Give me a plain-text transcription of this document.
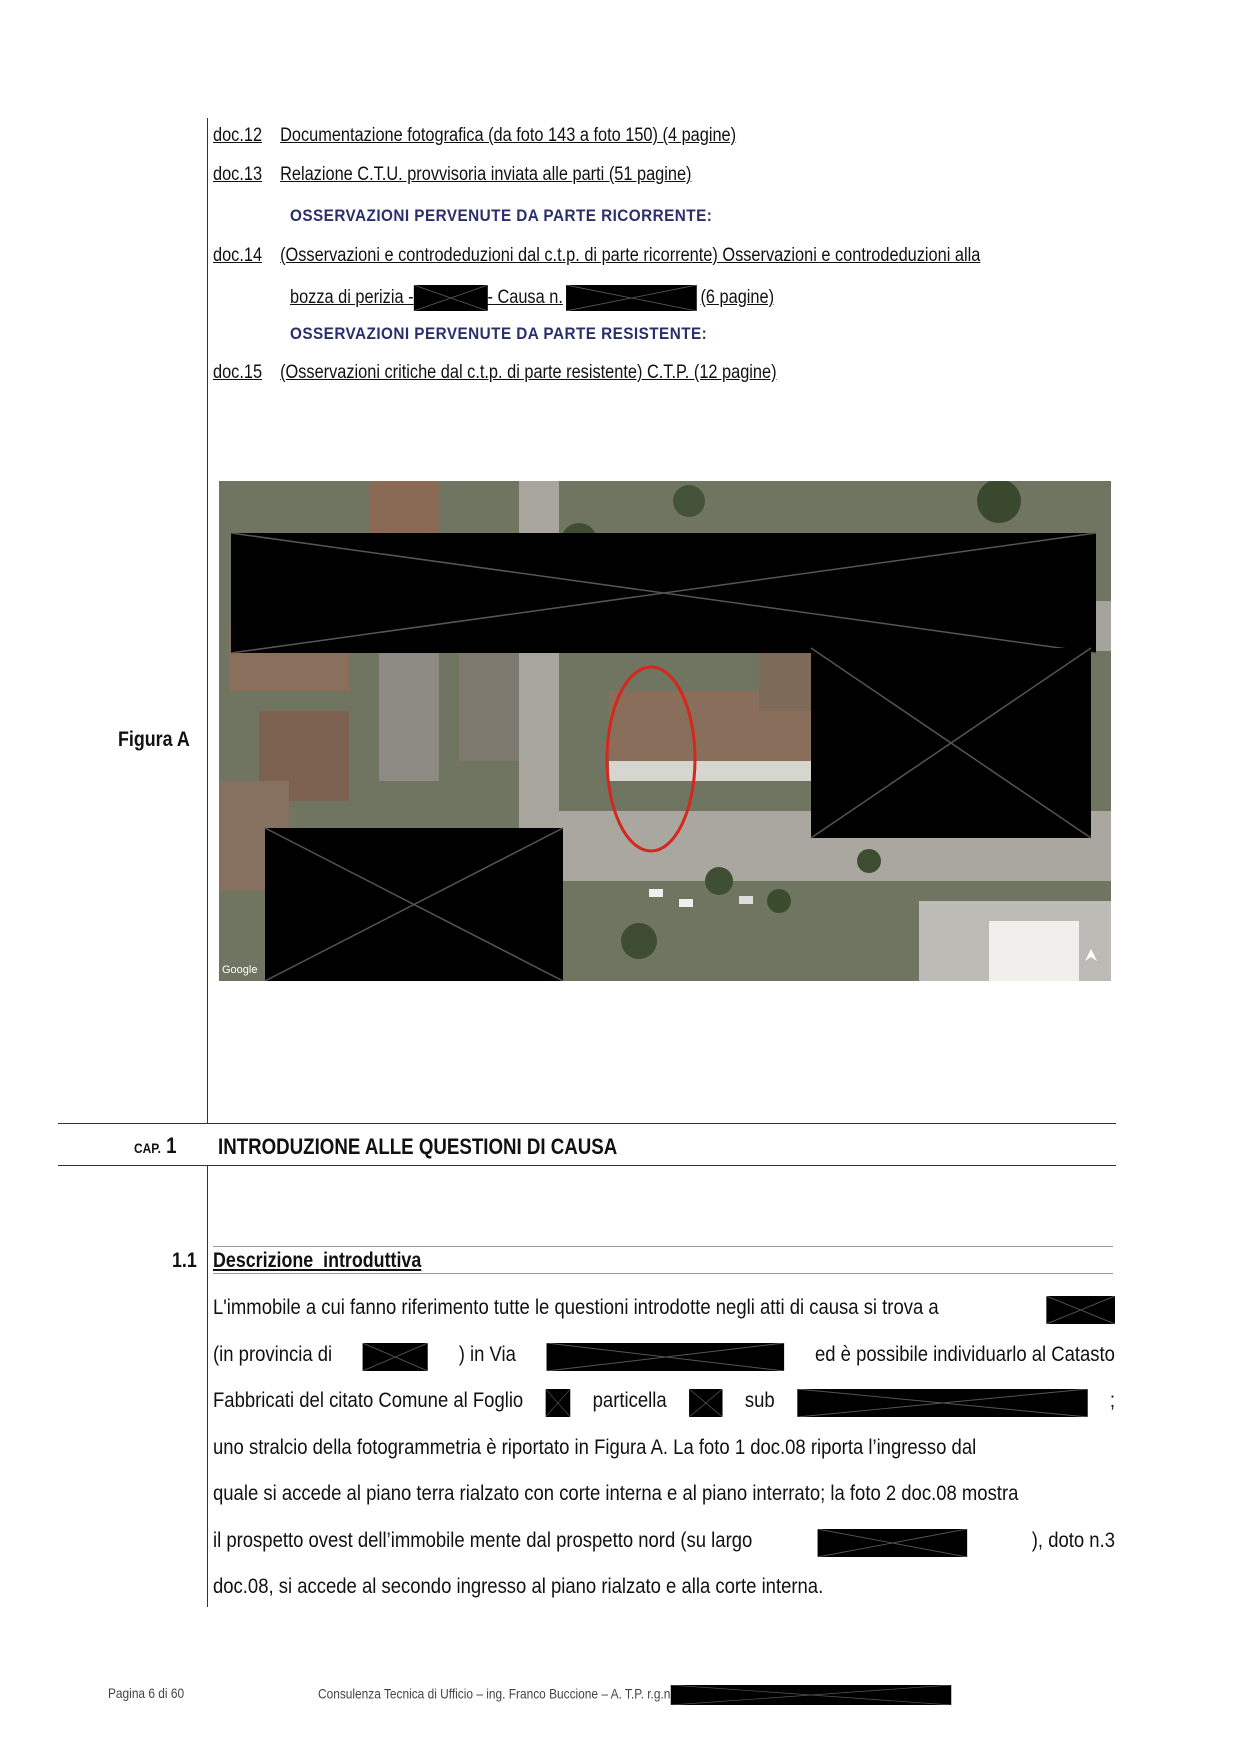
doc.12 Documentazione fotografica (da foto 143 a foto 150) (4 pagine)
doc.13 Relazione C.T.U. provvisoria inviata alle parti (51 pagine)
OSSERVAZIONI PERVENUTE DA PARTE RICORRENTE:
doc.14 (Osservazioni e controdeduzioni dal c.t.p. di parte ricorrente) Osservazioni e controdeduzioni alla
bozza di perizia -	- Causa n.	(6 pagine)
OSSERVAZIONI PERVENUTE DA PARTE RESISTENTE:
doc.15 (Osservazioni critiche dal c.t.p. di parte resistente) C.T.P. (12 pagine)
Figura A
Google
CAP. 1 INTRODUZIONE ALLE QUESTIONI DI CAUSA
1.1 Descrizione  introduttiva
L'immobile a cui fanno riferimento tutte le questioni introdotte negli atti di causa si trova a
(in provincia di	) in Via	ed è possibile individuarlo al Catasto
Fabbricati del citato Comune al Foglio	particella	sub	;
uno stralcio della fotogrammetria è riportato in Figura A. La foto 1 doc.08 riporta l’ingresso dal
quale si accede al piano terra rialzato con corte interna e al piano interrato; la foto 2 doc.08 mostra
il prospetto ovest dell’immobile mente dal prospetto nord (su largo	), doto n.3
doc.08, si accede al secondo ingresso al piano rialzato e alla corte interna.
Pagina 6 di 60	Consulenza Tecnica di Ufficio – ing. Franco Buccione – A. T.P. r.g.n
